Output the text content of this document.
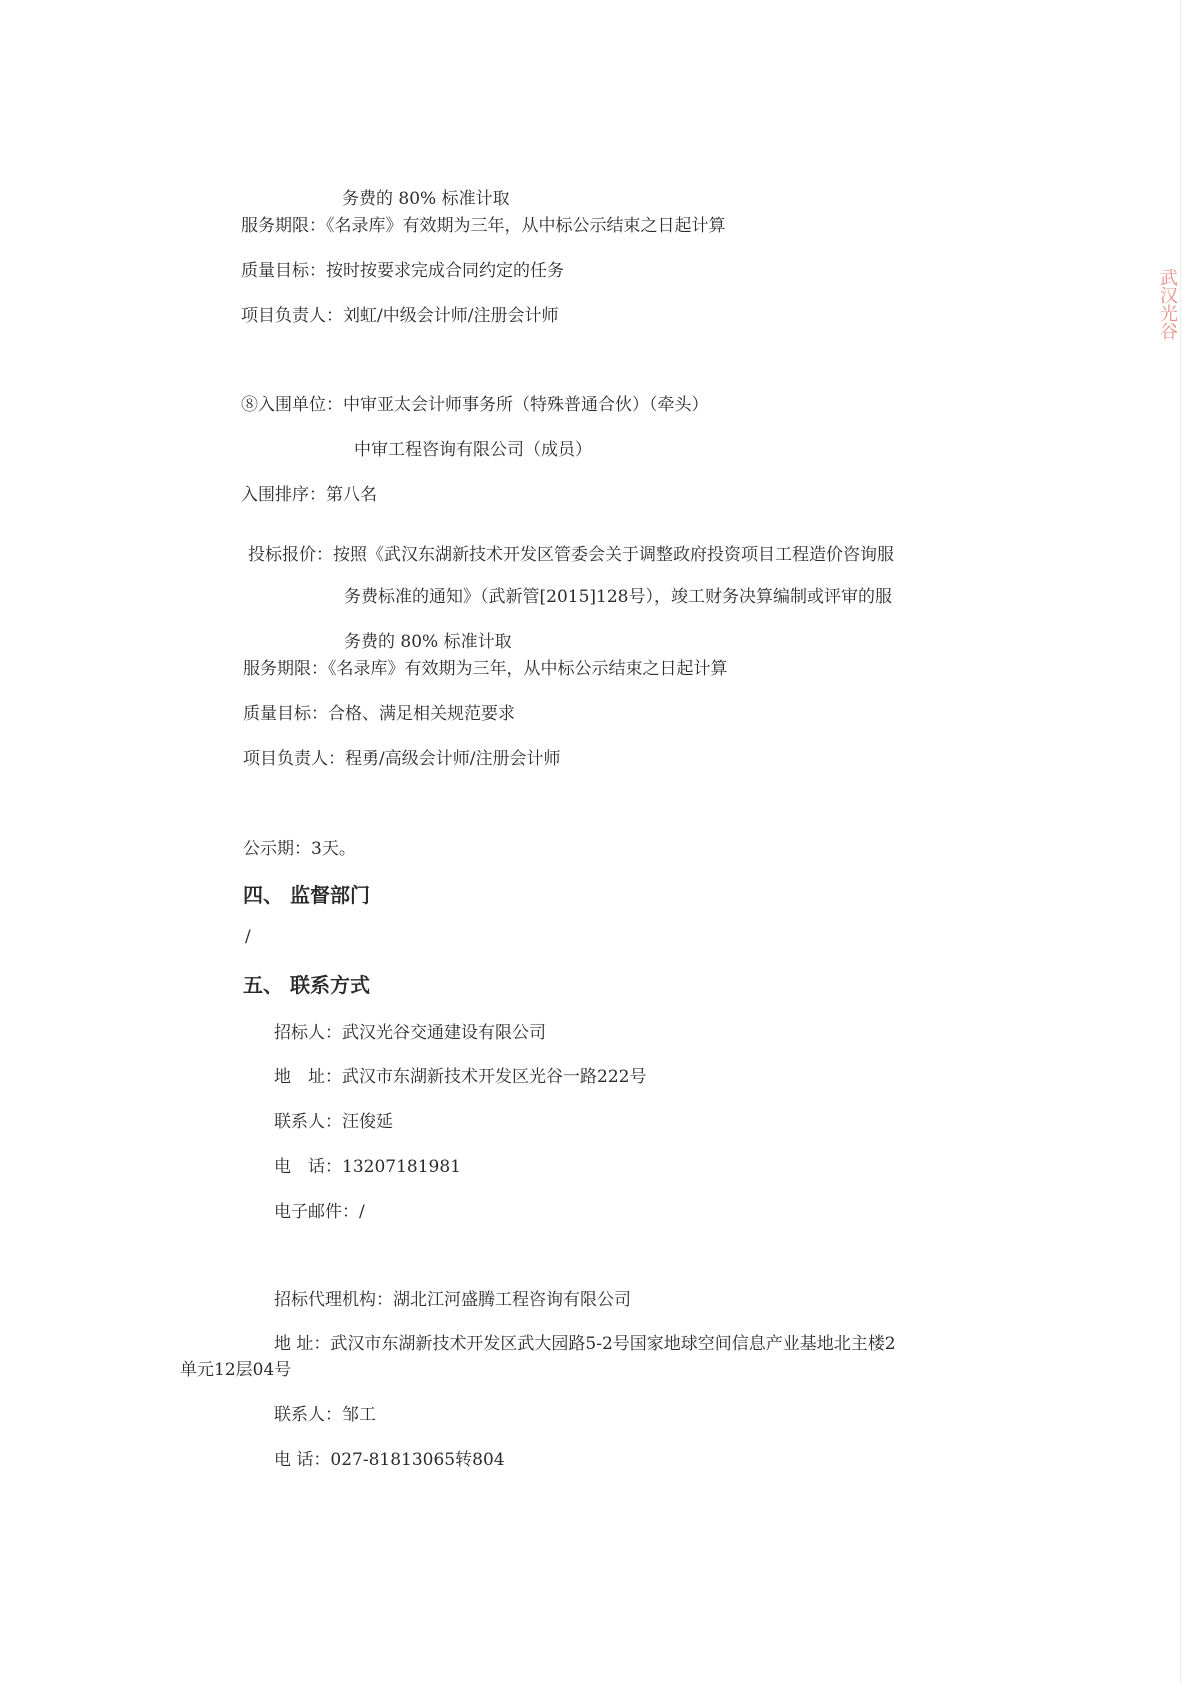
武汉光谷
务费的 80% 标准计取
服务期限：《名录库》有效期为三年，从中标公示结束之日起计算
质量目标：按时按要求完成合同约定的任务
项目负责人：刘虹/中级会计师/注册会计师
⑧入围单位：中审亚太会计师事务所（特殊普通合伙）（牵头）
中审工程咨询有限公司（成员）
入围排序：第八名
投标报价：按照《武汉东湖新技术开发区管委会关于调整政府投资项目工程造价咨询服
务费标准的通知》（武新管[2015]128号），竣工财务决算编制或评审的服
务费的 80% 标准计取
服务期限：《名录库》有效期为三年，从中标公示结束之日起计算
质量目标：合格、满足相关规范要求
项目负责人：程勇/高级会计师/注册会计师
公示期：3天。
四、 监督部门
/
五、 联系方式
招标人：武汉光谷交通建设有限公司
地　址：武汉市东湖新技术开发区光谷一路222号
联系人：汪俊延
电　话：13207181981
电子邮件：/
招标代理机构：湖北江河盛腾工程咨询有限公司
地 址：武汉市东湖新技术开发区武大园路5-2号国家地球空间信息产业基地北主楼2
单元12层04号
联系人：邹工
电 话：027-81813065转804
